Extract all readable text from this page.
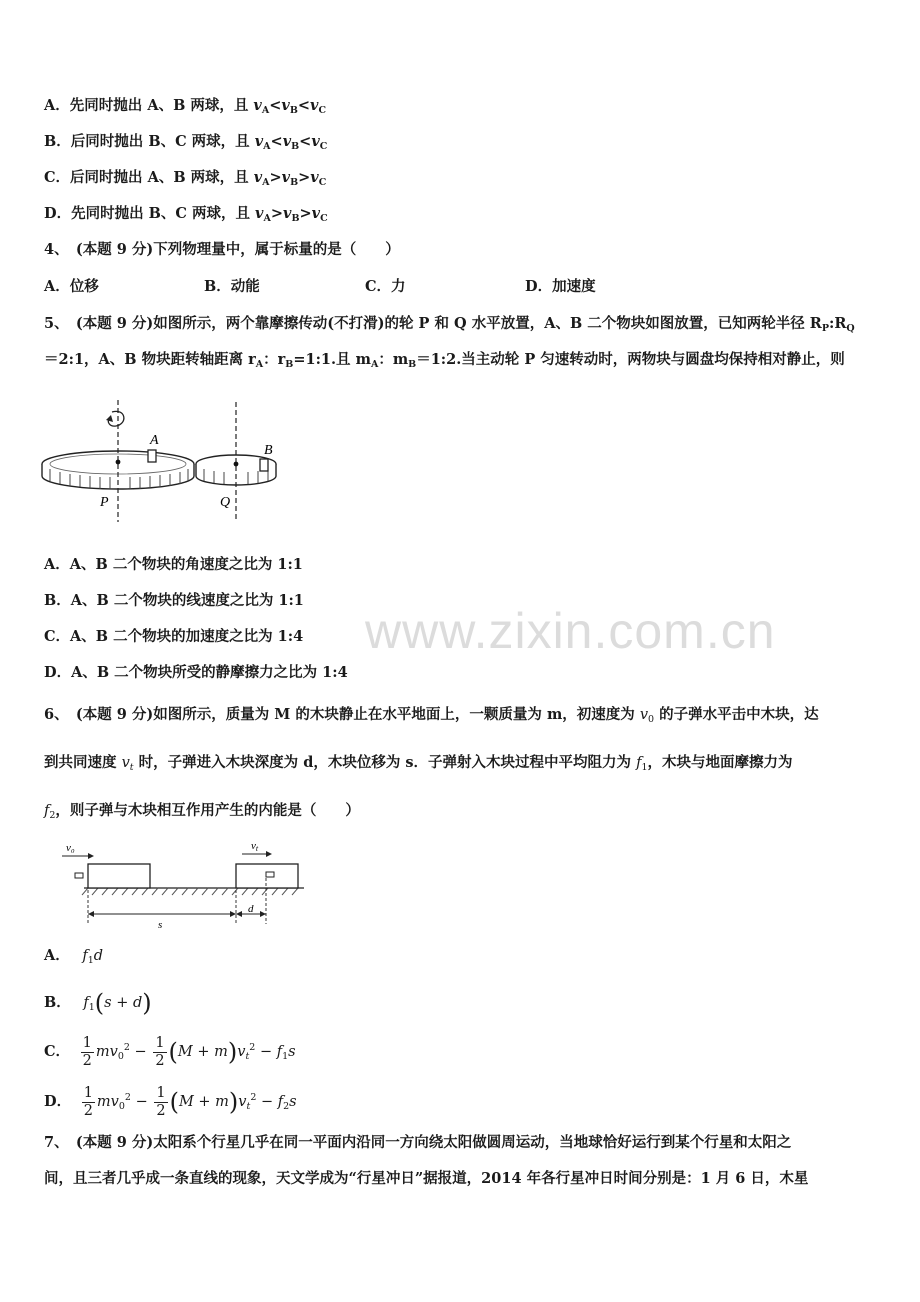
A．先同时抛出 A、B 两球，且 $v_A<v_B<v_C$
B．后同时抛出 B、C 两球，且 $v_A<v_B<v_C$
C．后同时抛出 A、B 两球，且 $v_A>v_B>v_C$
D．先同时抛出 B、C 两球，且 $v_A>v_B>v_C$
4、　(本题 9 分)下列物理量中，属于标量的是（　　）
A．位移	B．动能	C．力	D．加速度
5、　(本题 9 分)如图所示，两个靠摩擦传动(不打滑)的轮 P 和 Q 水平放置，A、B 二个物块如图放置，已知两轮半径 $R_P:R_Q$
＝2:1，A、B 物块距转轴距离 $r_A$：$r_B=1:1$.且 $m_A$：$m_B=1:2$.当主动轮 P 匀速转动时，两物块与圆盘均保持相对静止，则
A
B
P	Q
A．A、B 二个物块的角速度之比为 1:1
B．A、B 二个物块的线速度之比为 1:1
C．A、B 二个物块的加速度之比为 1:4
D．A、B 二个物块所受的静摩擦力之比为 1:4
www.zixin.com.cn
6、　(本题 9 分)如图所示，质量为 M 的木块静止在水平地面上，一颗质量为 m，初速度为 $v_0$ 的子弹水平击中木块，达
到共同速度 $v_t$ 时，子弹进入木块深度为 d，木块位移为 s．子弹射入木块过程中平均阻力为 $f_1$，木块与地面摩擦力为
$f_2$，则子弹与木块相互作用产生的内能是（　　）
v₀	vt
s
d
A． $f_1d$
B． $f_1(s + d)$
C． $\frac{1}{2} mv_0^2 - \frac{1}{2} (M + m)v_t^2 - f_1s$
D． $\frac{1}{2} mv_0^2 - \frac{1}{2} (M + m)v_t^2 - f_2s$
7、　(本题 9 分)太阳系个行星几乎在同一平面内沿同一方向绕太阳做圆周运动，当地球恰好运行到某个行星和太阳之
间，且三者几乎成一条直线的现象，天文学成为“行星冲日”据报道，2014 年各行星冲日时间分别是：1 月 6 日，木星
